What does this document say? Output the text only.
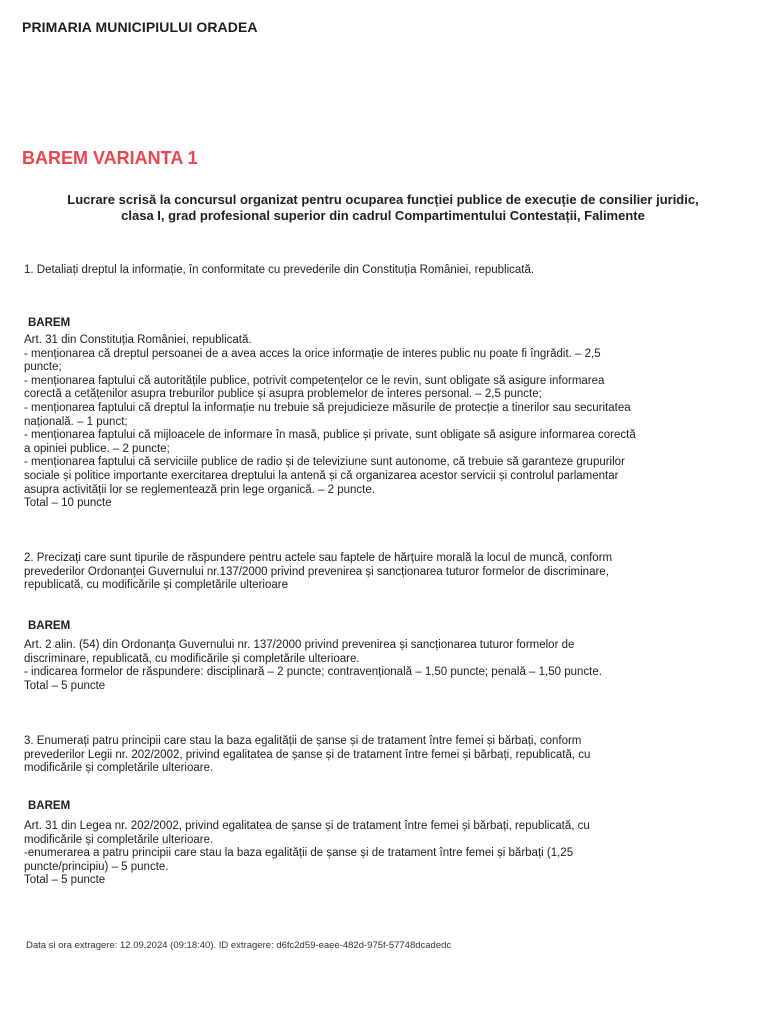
PRIMARIA MUNICIPIULUI ORADEA
BAREM VARIANTA 1
Lucrare scrisă la concursul organizat pentru ocuparea funcției publice de execuție de consilier juridic,
clasa I, grad profesional superior din cadrul Compartimentului Contestații, Falimente
1. Detaliați dreptul la informație, în conformitate cu prevederile din Constituția României, republicată.
BAREM
Art. 31 din Constituția României, republicată.
- menționarea că dreptul persoanei de a avea acces la orice informație de interes public nu poate fi îngrădit. – 2,5
puncte;
- menționarea faptului că autoritățile publice, potrivit competențelor ce le revin, sunt obligate să asigure informarea
corectă a cetățenilor asupra treburilor publice și asupra problemelor de interes personal. – 2,5 puncte;
- menționarea faptului că dreptul la informație nu trebuie să prejudicieze măsurile de protecție a tinerilor sau securitatea
națională. – 1 punct;
- menționarea faptului că mijloacele de informare în masă, publice și private, sunt obligate să asigure informarea corectă
a opiniei publice. – 2 puncte;
- menționarea faptului că serviciile publice de radio și de televiziune sunt autonome, că trebuie să garanteze grupurilor
sociale și politice importante exercitarea dreptului la antenă și că organizarea acestor servicii și controlul parlamentar
asupra activității lor se reglementează prin lege organică. – 2 puncte.
Total – 10 puncte
2. Precizați care sunt tipurile de răspundere pentru actele sau faptele de hărțuire morală la locul de muncă, conform
prevederilor Ordonanței Guvernului nr.137/2000 privind prevenirea și sancționarea tuturor formelor de discriminare,
republicată, cu modificările și completările ulterioare
BAREM
Art. 2 alin. (54) din Ordonanța Guvernului nr. 137/2000 privind prevenirea și sancționarea tuturor formelor de
discriminare, republicată, cu modificările și completările ulterioare.
- indicarea formelor de răspundere: disciplinară – 2 puncte; contravențională – 1,50 puncte; penală – 1,50 puncte.
Total – 5 puncte
3. Enumerați patru principii care stau la baza egalității de șanse și de tratament între femei și bărbați, conform
prevederilor Legii nr. 202/2002, privind egalitatea de șanse și de tratament între femei și bărbați, republicată, cu
modificările și completările ulterioare.
BAREM
Art. 31 din Legea nr. 202/2002, privind egalitatea de șanse și de tratament între femei și bărbați, republicată, cu
modificările și completările ulterioare.
-enumerarea a patru principii care stau la baza egalității de șanse și de tratament între femei și bărbați (1,25
puncte/principiu) – 5 puncte.
Total – 5 puncte
Data si ora extragere: 12.09.2024 (09:18:40). ID extragere: d6fc2d59-eaee-482d-975f-57748dcadedc
